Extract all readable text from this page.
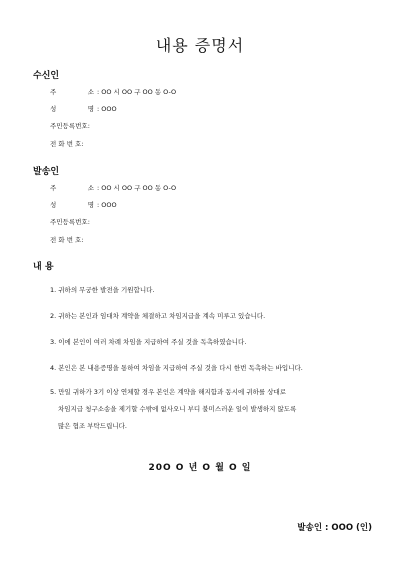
내용 증명서
수신인
주 소 : OO 시 OO 구 OO 동 O-O
성 명 : OOO
주민등록번호:
전 화 번 호:
발송인
주 소 : OO 시 OO 구 OO 동 O-O
성 명 : OOO
주민등록번호:
전 화 번 호:
내 용
1. 귀하의 무궁한 발전을 기원합니다.
2. 귀하는 본인과 임대차 계약을 체결하고 차임지급을 계속 미루고 있습니다.
3. 이에 본인이 여러 차례 차임을 지급하여 주실 것을 독촉하였습니다.
4. 본인은 본 내용증명을 통하여 차임을 지급하여 주실 것을 다시 한번 독촉하는 바입니다.
5. 만일 귀하가 3기 이상 연체할 경우 본인은 계약을 해지함과 동시에 귀하를 상대로
차임지급 청구소송을 제기할 수밖에 없사오니 부디 불미스러운 일이 발생하지 않도록
많은 협조 부탁드립니다.
20O O 년 O 월 O 일
발송인 : OOO (인)
